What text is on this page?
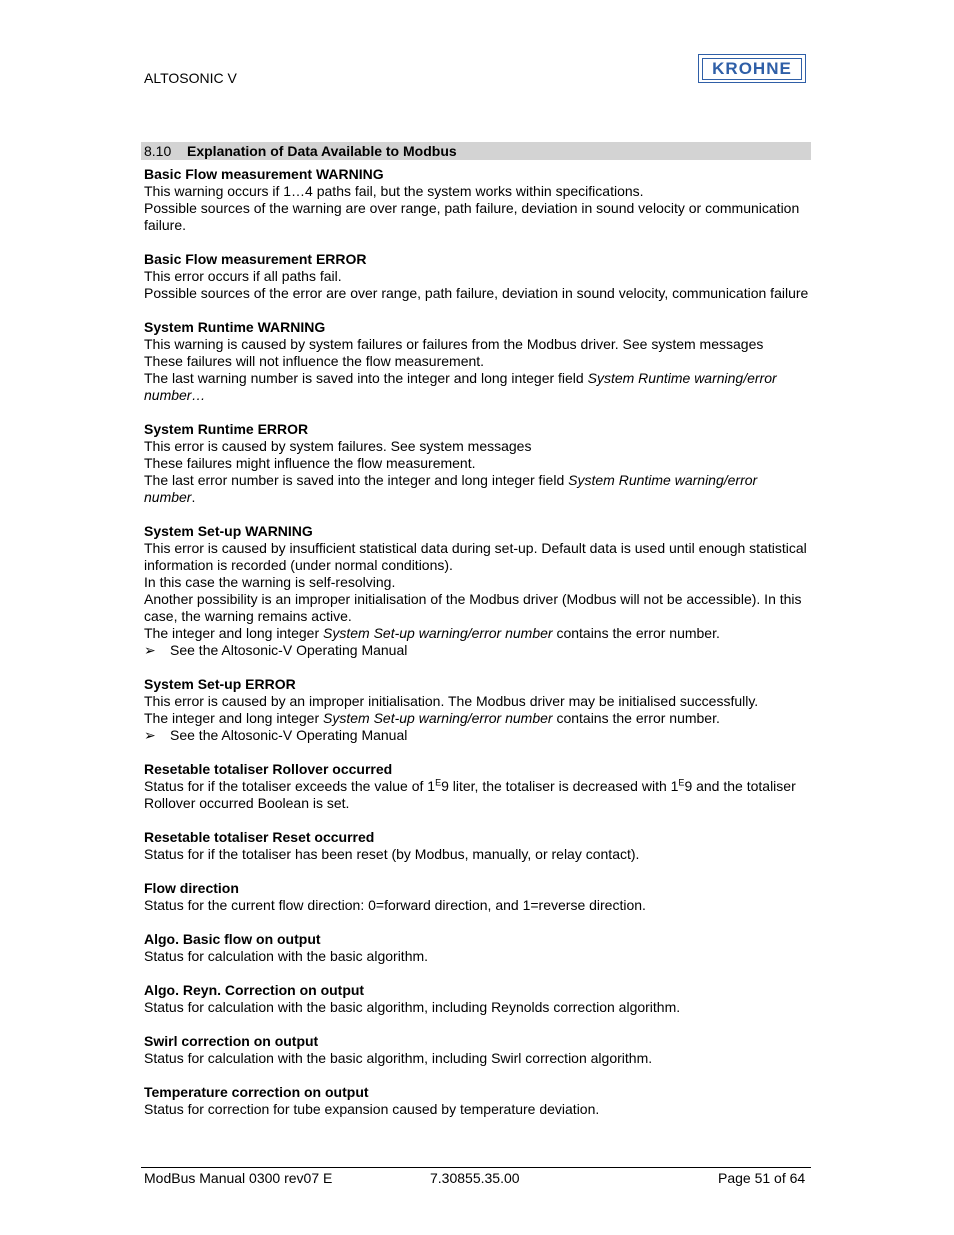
ALTOSONIC V
KROHNE
8.10 Explanation of Data Available to Modbus
Basic Flow measurement WARNING
This warning occurs if 1…4 paths fail, but the system works within specifications.
Possible sources of the warning are over range, path failure, deviation in sound velocity or communication failure.
Basic Flow measurement ERROR
This error occurs if all paths fail.
Possible sources of the error are over range, path failure, deviation in sound velocity, communication failure
System Runtime WARNING
This warning is caused by system failures or failures from the Modbus driver. See system messages
These failures will not influence the flow measurement.
The last warning number is saved into the integer and long integer field System Runtime warning/error number…
System Runtime ERROR
This error is caused by system failures. See system messages
These failures might influence the flow measurement.
The last error number is saved into the integer and long integer field System Runtime warning/error number.
System Set-up WARNING
This error is caused by insufficient statistical data during set-up. Default data is used until enough statistical information is recorded (under normal conditions).
In this case the warning is self-resolving.
Another possibility is an improper initialisation of the Modbus driver (Modbus will not be accessible). In this case, the warning remains active.
The integer and long integer System Set-up warning/error number contains the error number.
➢ See the Altosonic-V Operating Manual
System Set-up ERROR
This error is caused by an improper initialisation. The Modbus driver may be initialised successfully.
The integer and long integer System Set-up warning/error number contains the error number.
➢ See the Altosonic-V Operating Manual
Resetable totaliser Rollover occurred
Status for if the totaliser exceeds the value of $1^E9$ liter, the totaliser is decreased with $1^E9$ and the totaliser Rollover occurred Boolean is set.
Resetable totaliser Reset occurred
Status for if the totaliser has been reset (by Modbus, manually, or relay contact).
Flow direction
Status for the current flow direction: 0=forward direction, and 1=reverse direction.
Algo. Basic flow on output
Status for calculation with the basic algorithm.
Algo. Reyn. Correction on output
Status for calculation with the basic algorithm, including Reynolds correction algorithm.
Swirl correction on output
Status for calculation with the basic algorithm, including Swirl correction algorithm.
Temperature correction on output
Status for correction for tube expansion caused by temperature deviation.
ModBus Manual 0300 rev07 E	7.30855.35.00	Page 51 of 64
